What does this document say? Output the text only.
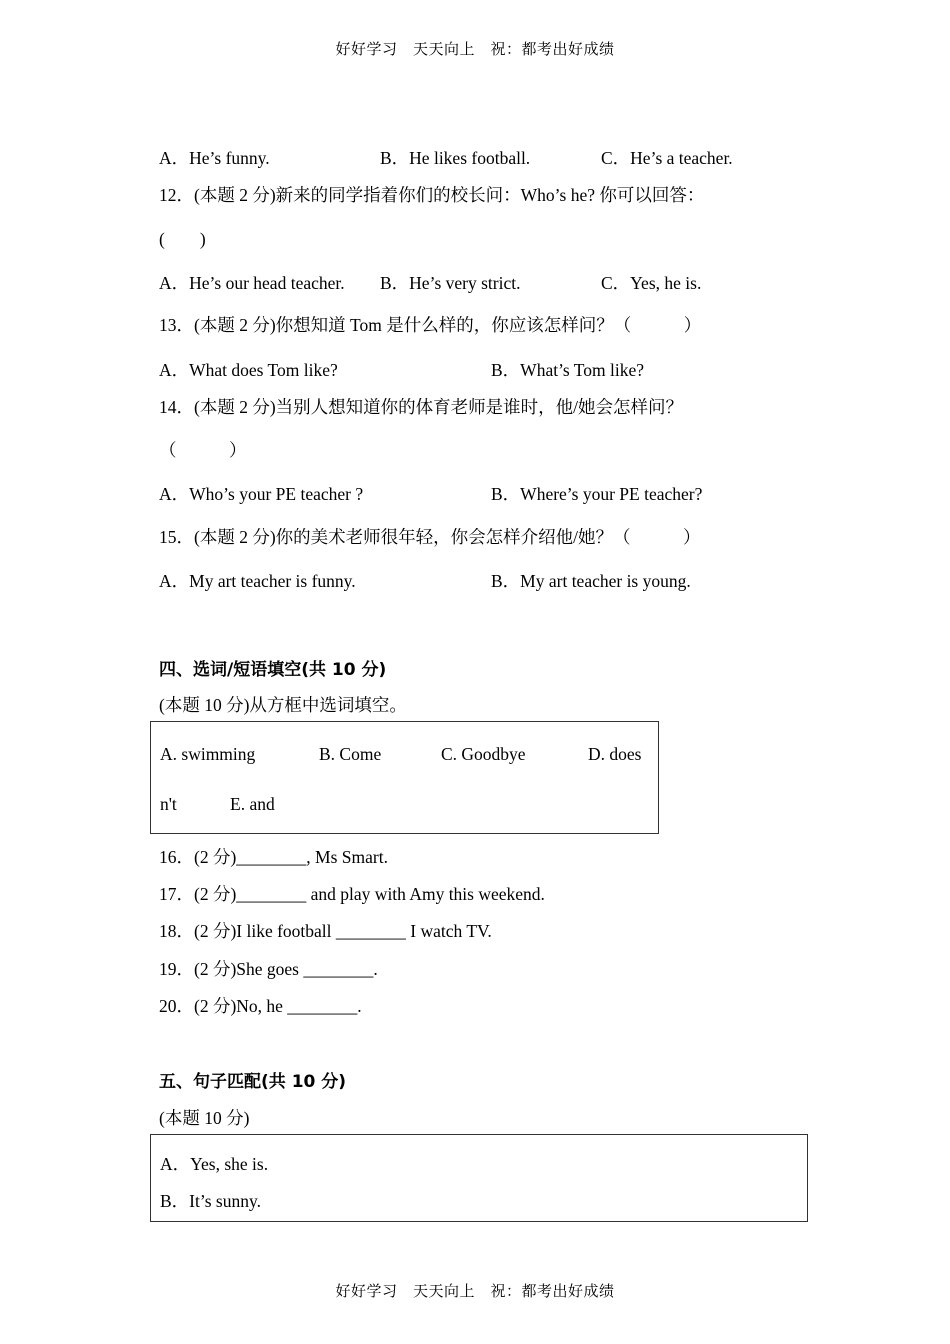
好好学习　天天向上　祝：都考出好成绩
A．He’s funny.	B．He likes football.	C．He’s a teacher.
12．(本题 2 分)新来的同学指着你们的校长问：Who’s he? 你可以回答：
(　　)
A．He’s our head teacher. B．He’s very strict.	C．Yes, he is.
13．(本题 2 分)你想知道 Tom 是什么样的，你应该怎样问？（　　　）
A．What does Tom like?	B．What’s Tom like?
14．(本题 2 分)当别人想知道你的体育老师是谁时，他/她会怎样问？
（　　　）
A．Who’s your PE teacher ?	B．Where’s your PE teacher?
15．(本题 2 分)你的美术老师很年轻，你会怎样介绍他/她？（　　　）
A．My art teacher is funny.	B．My art teacher is young.
四、选词/短语填空(共 10 分)
(本题 10 分)从方框中选词填空。
A. swimming	B. Come	C. Goodbye	D. does
n't	E. and
16．(2 分)________, Ms Smart.
17．(2 分)________ and play with Amy this weekend.
18．(2 分)I like football ________ I watch TV.
19．(2 分)She goes ________.
20．(2 分)No, he ________.
五、句子匹配(共 10 分)
(本题 10 分)
A．Yes, she is.
B．It’s sunny.
好好学习　天天向上　祝：都考出好成绩
